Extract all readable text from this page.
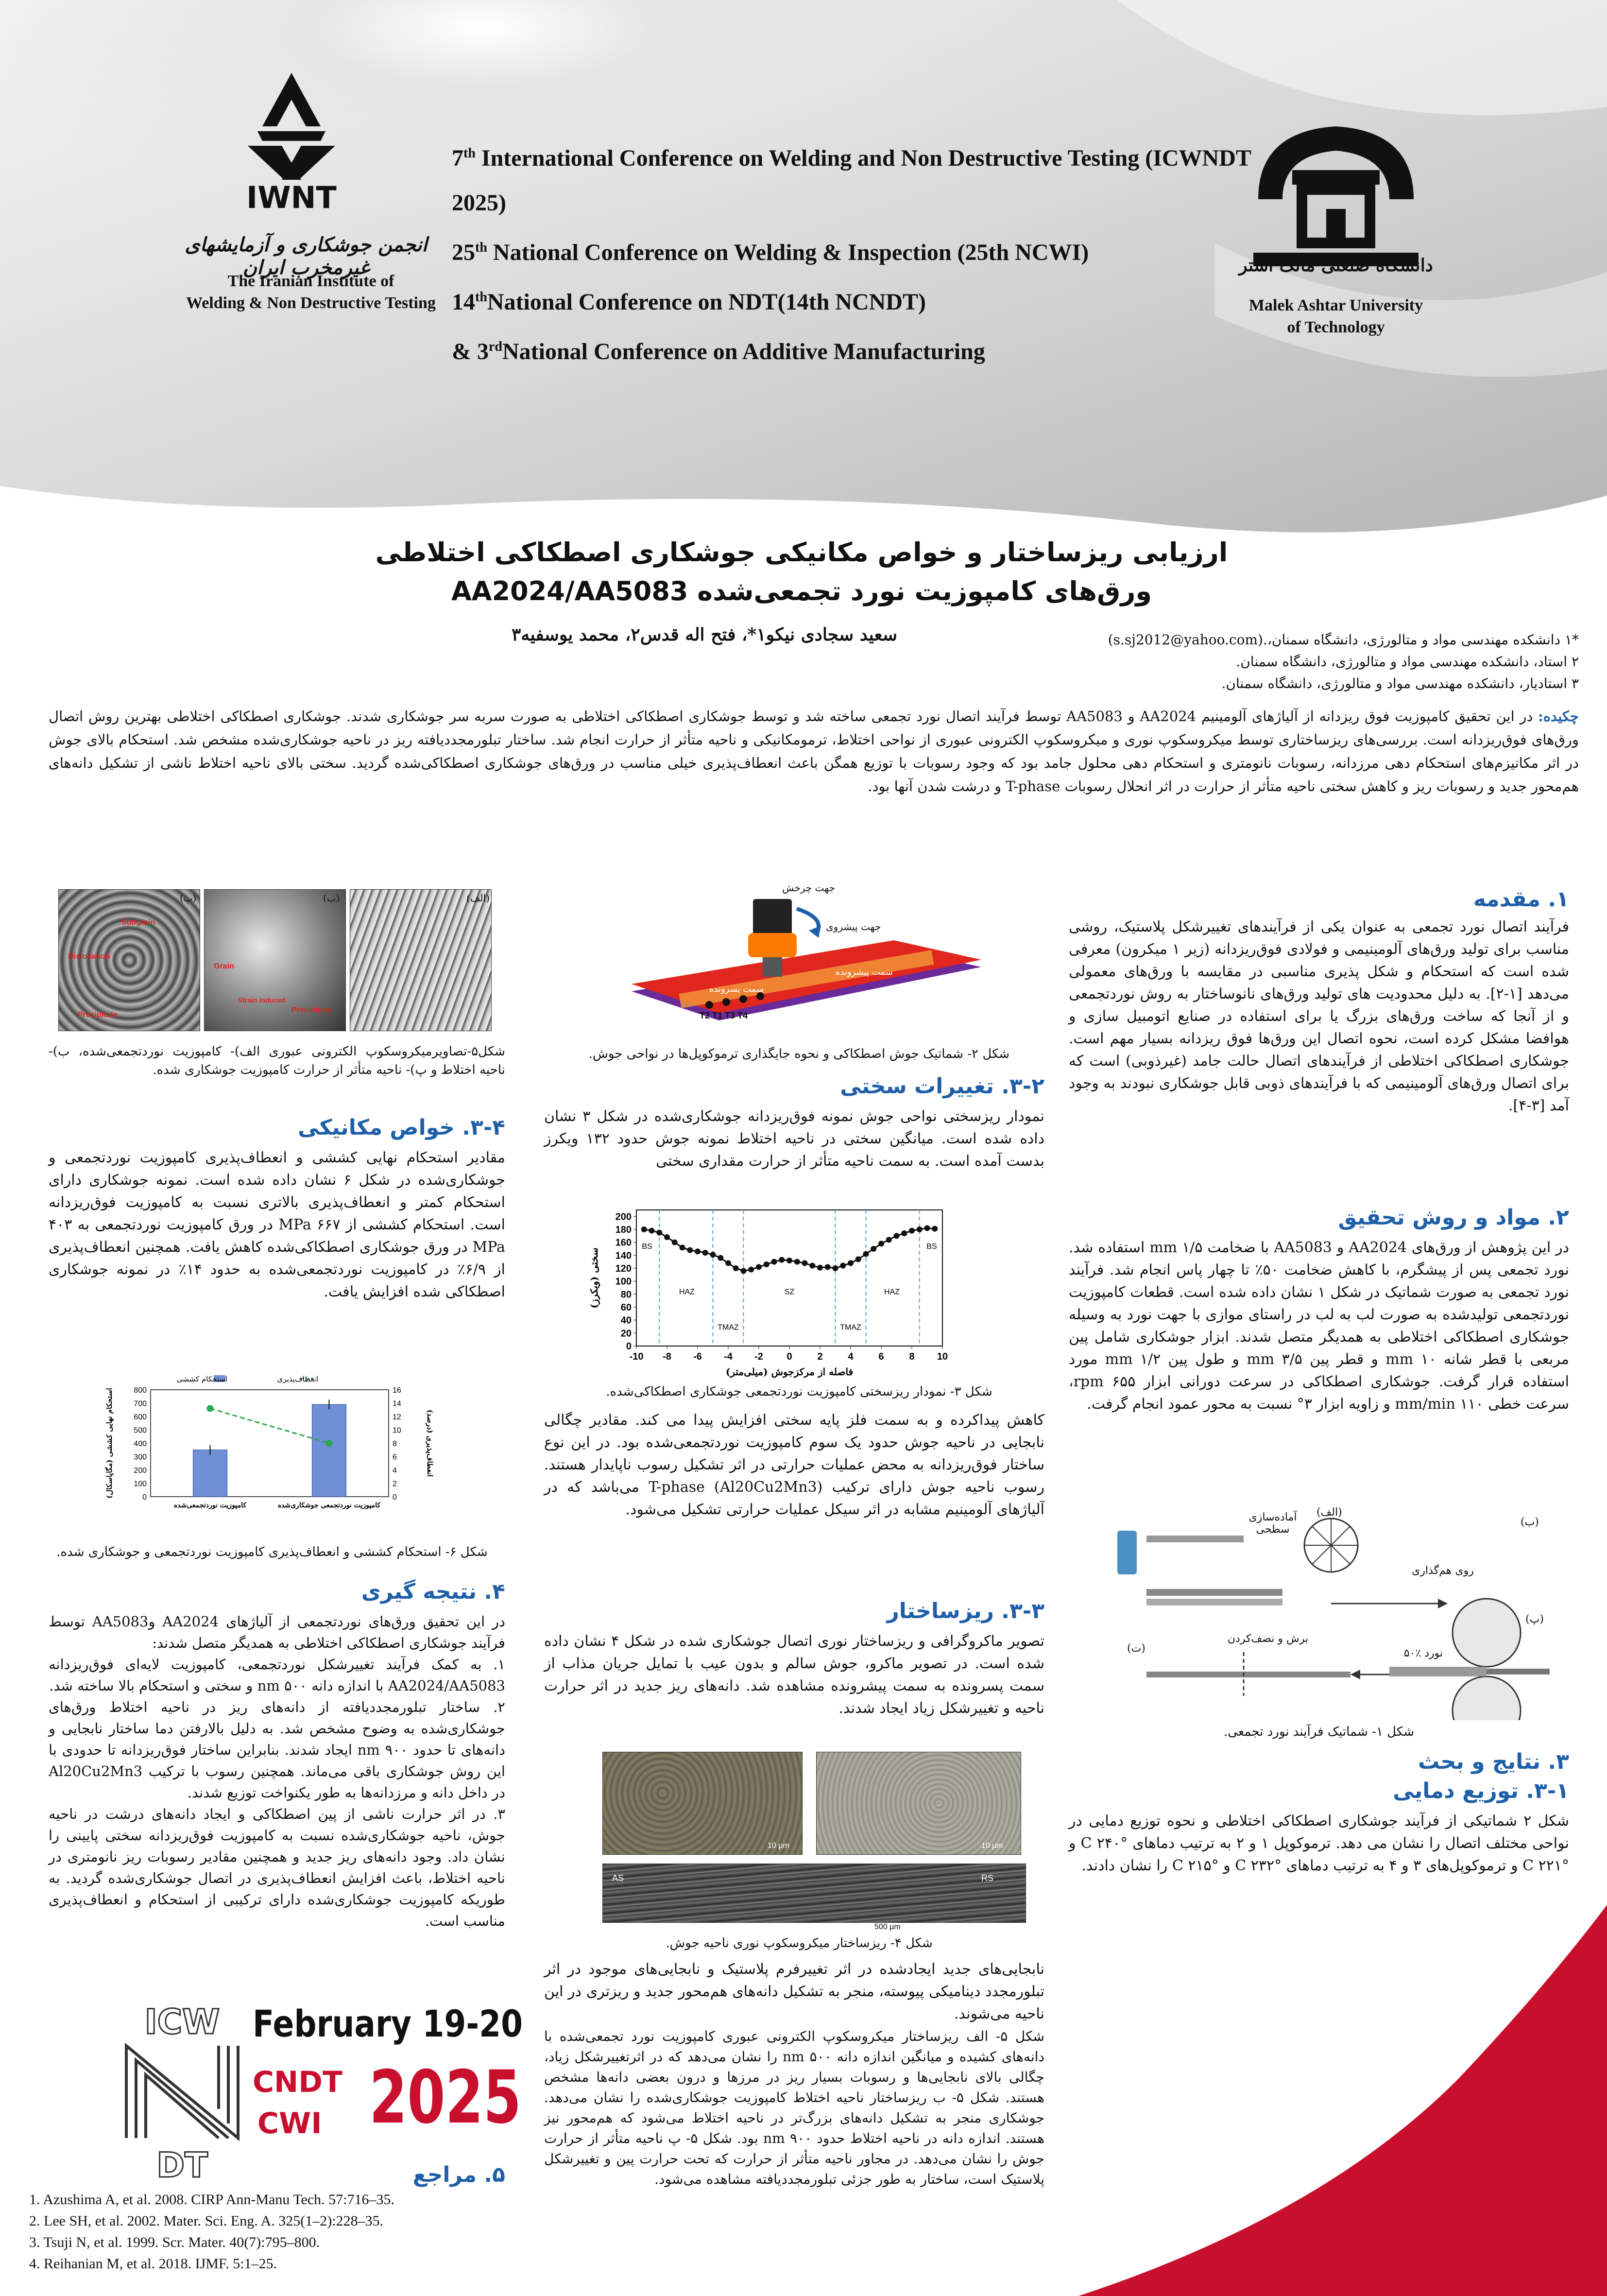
IWNT
انجمن جوشکاری و آزمایشهای غیرمخرب ایران
The Iranian Institute of
Welding & Non Destructive Testing
7th International Conference on Welding and Non Destructive Testing (ICWNDT 2025)
25th National Conference on Welding & Inspection (25th NCWI)
14thNational Conference on NDT(14th NCNDT)
& 3rdNational Conference on Additive Manufacturing
دانشگاه صنعتی مالک اشتر
Malek Ashtar University
of Technology
ارزیابی ریزساختار و خواص مکانیکی جوشکاری اصطکاکی اختلاطی
ورق‌های کامپوزیت نورد تجمعی‌شده AA2024/AA5083
سعید سجادی نیکو۱*، فتح اله قدس۲، محمد یوسفیه۳	*۱ دانشکده مهندسی مواد و متالورژی، دانشگاه سمنان،.(s.sj2012@yahoo.com)
۲ استاد، دانشکده مهندسی مواد و متالورژی، دانشگاه سمنان.
۳ استادیار، دانشکده مهندسی مواد و متالورژی، دانشگاه سمنان.
چکیده: در این تحقیق کامپوزیت فوق ریزدانه از آلیاژهای آلومینیم AA2024 و AA5083 توسط فرآیند اتصال نورد تجمعی ساخته شد و توسط جوشکاری اصطکاکی اختلاطی به صورت سربه سر جوشکاری شدند. جوشکاری اصطکاکی اختلاطی بهترین روش اتصال ورق‌های فوق‌ریزدانه است. بررسی‌های ریزساختاری توسط میکروسکوپ نوری و میکروسکوپ الکترونی عبوری از نواحی اختلاط، ترمومکانیکی و ناحیه متأثر از حرارت انجام شد. ساختار تبلورمجددیافته ریز در ناحیه جوشکاری‌شده مشخص شد. استحکام بالای جوش در اثر مکانیزم‌های استحکام دهی مرزدانه، رسوبات نانومتری و استحکام دهی محلول جامد بود که وجود رسوبات با توزیع همگن باعث انعطاف‌پذیری خیلی مناسب در ورق‌های جوشکاری اصطکاکی‌شده گردید. سختی بالای ناحیه اختلاط ناشی از تشکیل دانه‌های هم‌محور جدید و رسوبات ریز و کاهش سختی ناحیه متأثر از حرارت در اثر انحلال رسوبات T-phase و درشت شدن آنها بود.
۱. مقدمه
فرآیند اتصال نورد تجمعی به عنوان یکی از فرآیندهای تغییرشکل پلاستیک، روشی مناسب برای تولید ورق‌های آلومینیمی و فولادی فوق‌ریزدانه (زیر ۱ میکرون) معرفی شده است که استحکام و شکل پذیری مناسبی در مقایسه با ورق‌های معمولی می‌دهد [۱-۲]. به دلیل محدودیت های تولید ورق‌های نانوساختار به روش نوردتجمعی و از آنجا که ساخت ورق‌های بزرگ یا برای استفاده در صنایع اتومبیل سازی و هوافضا مشکل کرده است، نحوه اتصال این ورق‌ها فوق ریزدانه بسیار مهم است. جوشکاری اصطکاکی اختلاطی از فرآیندهای اتصال حالت جامد (غیرذوبی) است که برای اتصال ورق‌های آلومینیمی که با فرآیندهای ذوبی قابل جوشکاری نبودند به وجود آمد [۳-۴].
۲. مواد و روش تحقیق
در این پژوهش از ورق‌های AA2024 و AA5083 با ضخامت ۱/۵ mm استفاده شد. نورد تجمعی پس از پیشگرم، با کاهش ضخامت ۵۰٪ تا چهار پاس انجام شد. فرآیند نورد تجمعی به صورت شماتیک در شکل ۱ نشان داده شده است. قطعات کامپوزیت نوردتجمعی تولیدشده به صورت لب به لب در راستای موازی با جهت نورد به وسیله جوشکاری اصطکاکی اختلاطی به همدیگر متصل شدند. ابزار جوشکاری شامل پین مربعی با قطر شانه ۱۰ mm و قطر پین ۳/۵ mm و طول پین ۱/۲ mm مورد استفاده قرار گرفت. جوشکاری اصطکاکی در سرعت دورانی ابزار ۶۵۵ rpm، سرعت خطی ۱۱۰ mm/min و زاویه ابزار ۳° نسبت به محور عمود انجام گرفت.
(الف)
آماده‌سازی سطحی
(ب)
روی هم‌گذاری
(پ)
نورد ٪۵۰
(ت)
برش و نصف‌کردن
شکل ۱- شماتیک فرآیند نورد تجمعی.
۳. نتایج و بحث
۳-۱. توزیع دمایی
شکل ۲ شماتیکی از فرآیند جوشکاری اصطکاکی اختلاطی و نحوه توزیع دمایی در نواحی مختلف اتصال را نشان می دهد. ترموکوپل ۱ و ۲ به ترتیب دماهای °C ۲۴۰ و °C ۲۲۱ و ترموکوپل‌های ۳ و ۴ به ترتیب دماهای °C ۲۳۲ و °C ۲۱۵ را نشان دادند.
جهت چرخش
جهت پیشروی
سمت پیشرونده
سمت پسرونده
T2 T1 T3 T4
شکل ۲- شماتیک جوش اصطکاکی و نحوه جایگذاری ترموکوپل‌ها در نواحی جوش.
۳-۲. تغییرات سختی
نمودار ریزسختی نواحی جوش نمونه فوق‌ریزدانه جوشکاری‌شده در شکل ۳ نشان داده شده است. میانگین سختی در ناحیه اختلاط نمونه جوش حدود ۱۳۲ ویکرز بدست آمده است. به سمت ناحیه متأثر از حرارت مقداری سختی
0
20
40
60
80
100
120
140
160
180
200
-10 -8 -6 -4 -2 0	2	4	6	8 10
BS
HAZ
TMAZ
SZ
TMAZ
HAZ
BS
فاصله از مرکزجوش (میلی‌متر)
سختی (ویکرز)
شکل ۳- نمودار ریزسختی کامپوزیت نوردتجمعی جوشکاری اصطکاکی‌شده.
کاهش پیداکرده و به سمت فلز پایه سختی افزایش پیدا می کند. مقادیر چگالی نابجایی در ناحیه جوش حدود یک سوم کامپوزیت نوردتجمعی‌شده بود. در این نوع ساختار فوق‌ریزدانه به محض عملیات حرارتی در اثر تشکیل رسوب ناپایدار هستند. رسوب ناحیه جوش دارای ترکیب T-phase (Al20Cu2Mn3) می‌باشد که در آلیاژهای آلومینیم مشابه در اثر سیکل عملیات حرارتی تشکیل می‌شود.
۳-۳. ریزساختار
تصویر ماکروگرافی و ریزساختار نوری اتصال جوشکاری شده در شکل ۴ نشان داده شده است. در تصویر ماکرو، جوش سالم و بدون عیب با تمایل جریان مذاب از سمت پسرونده به سمت پیشرونده مشاهده شد. دانه‌های ریز جدید در اثر حرارت ناحیه و تغییرشکل زیاد ایجاد شدند.
10 µm	10 µm
500 µm
AS	RS
شکل ۴- ریزساختار میکروسکوپ نوری ناحیه جوش.
نابجایی‌های جدید ایجادشده در اثر تغییرفرم پلاستیک و نابجایی‌های موجود در اثر تبلورمجدد دینامیکی پیوسته، منجر به تشکیل دانه‌های هم‌محور جدید و ریزتری در این ناحیه می‌شوند.
شکل ۵- الف ریزساختار میکروسکوپ الکترونی عبوری کامپوزیت نورد تجمعی‌شده با دانه‌های کشیده و میانگین اندازه دانه ۵۰۰ nm را نشان می‌دهد که در اثرتغییرشکل زیاد، چگالی بالای نابجایی‌ها و رسوبات بسیار ریز در مرزها و درون بعضی دانه‌ها مشخص هستند. شکل ۵- ب ریزساختار ناحیه اختلاط کامپوزیت جوشکاری‌شده را نشان می‌دهد. جوشکاری منجر به تشکیل دانه‌های بزرگ‌تر در ناحیه اختلاط می‌شود که هم‌محور نیز هستند. اندازه دانه در ناحیه اختلاط حدود ۹۰۰ nm بود. شکل ۵- پ ناحیه متأثر از حرارت جوش را نشان می‌دهد. در مجاور ناحیه متأثر از حرارت که تحت حرارت پین و تغییرشکل پلاستیک است، ساختار به طور جزئی تبلورمجددیافته مشاهده می‌شود.
(الف)
(ب)
(پ)
Subgrain
Dislocation
Precipitate
Grain
Strain induced
Precipitate
شکل۵-تصاویرمیکروسکوپ الکترونی عبوری الف)- کامپوزیت نوردتجمعی‌شده، ب)- ناحیه اختلاط و پ)- ناحیه متأثر از حرارت کامپوزیت جوشکاری شده.
۳-۴. خواص مکانیکی
مقادیر استحکام نهایی کششی و انعطاف‌پذیری کامپوزیت نوردتجمعی و جوشکاری‌شده در شکل ۶ نشان داده شده است. نمونه جوشکاری دارای استحکام کمتر و انعطاف‌پذیری بالاتری نسبت به کامپوزیت فوق‌ریزدانه است. استحکام کششی از ۶۶۷ MPa در ورق کامپوزیت نوردتجمعی به ۴۰۳ MPa در ورق جوشکاری اصطکاکی‌شده کاهش یافت. همچنین انعطاف‌پذیری از ۶/۹٪ در کامپوزیت نوردتجمعی‌شده به حدود ۱۴٪ در نمونه جوشکاری اصطکاکی شده افزایش یافت.
0
100
200
300
400
500
600
700
800
0
2
4
6
8
10
12
14
16
کامپوزیت نوردتجمعی‌شده	کامپوزیت نوردتجمعی جوشکاری‌شده
استحکام کششی	انعطاف‌پذیری
استحکام نهایی کششی (مگاپاسکال)	انعطاف‌پذیری (درصد)
شکل ۶- استحکام کششی و انعطاف‌پذیری کامپوزیت نوردتجمعی و جوشکاری شده.
۴. نتیجه گیری
در این تحقیق ورق‌های نوردتجمعی از آلیاژهای AA2024 وAA5083 توسط فرآیند جوشکاری اصطکاکی اختلاطی به همدیگر متصل شدند:
۱. به کمک فرآیند تغییرشکل نوردتجمعی، کامپوزیت لایه‌ای فوق‌ریزدانه AA2024/AA5083 با اندازه دانه ۵۰۰ nm و سختی و استحکام بالا ساخته شد.
۲. ساختار تبلورمجددیافته از دانه‌های ریز در ناحیه اختلاط ورق‌های جوشکاری‌شده به وضوح مشخص شد. به دلیل بالارفتن دما ساختار نابجایی و دانه‌های تا حدود ۹۰۰ nm ایجاد شدند. بنابراین ساختار فوق‌ریزدانه تا حدودی با این روش جوشکاری باقی می‌ماند. همچنین رسوب با ترکیب Al20Cu2Mn3 در داخل دانه و مرزدانه‌ها به طور یکنواخت توزیع شدند.
۳. در اثر حرارت ناشی از پین اصطکاکی و ایجاد دانه‌های درشت در ناحیه جوش، ناحیه جوشکاری‌شده نسبت به کامپوزیت فوق‌ریزدانه سختی پایینی را نشان داد. وجود دانه‌های ریز جدید و همچنین مقادیر رسوبات ریز نانومتری در ناحیه اختلاط، باعث افزایش انعطاف‌پذیری در اتصال جوشکاری‌شده گردید. به طوریکه کامپوزیت جوشکاری‌شده دارای ترکیبی از استحکام و انعطاف‌پذیری مناسب است.
ICW
DT
February 19-20
CNDT
CWI 2025
۵. مراجع
1. Azushima A, et al. 2008. CIRP Ann-Manu Tech. 57:716–35.
2. Lee SH, et al. 2002. Mater. Sci. Eng. A. 325(1–2):228–35.
3. Tsuji N, et al. 1999. Scr. Mater. 40(7):795–800.
4. Reihanian M, et al. 2018. IJMF. 5:1–25.
